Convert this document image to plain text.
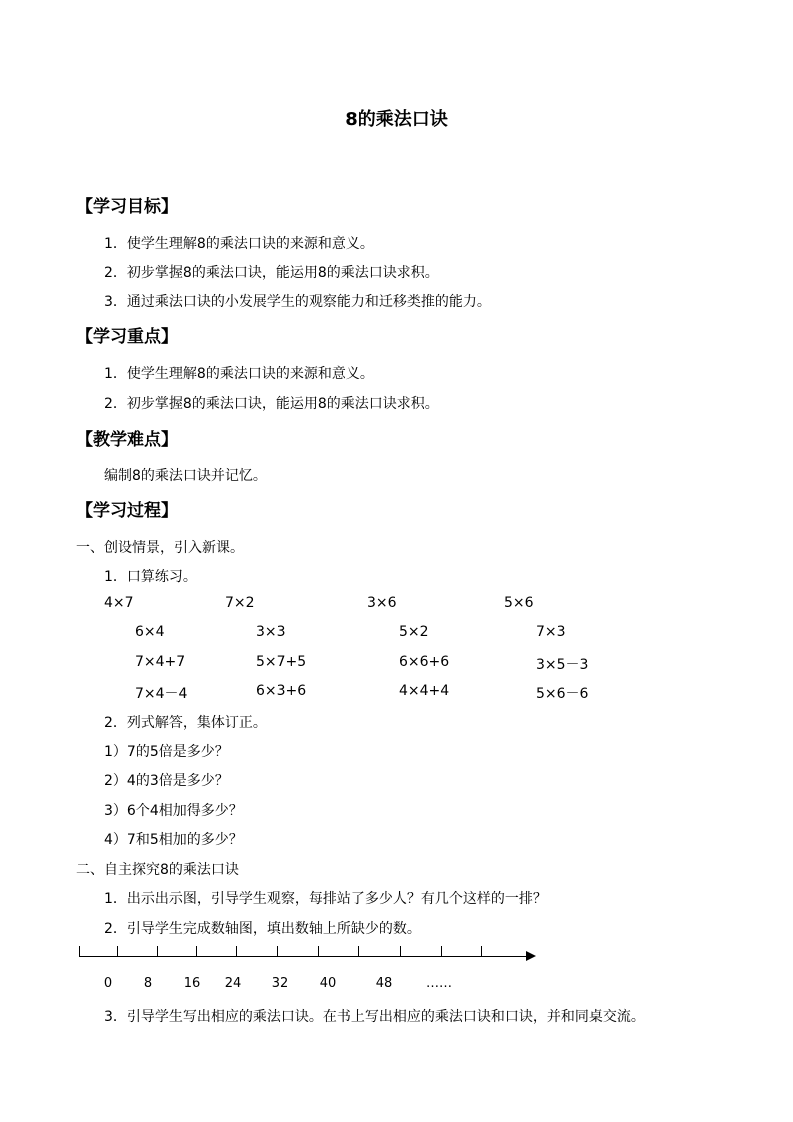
8的乘法口诀
【学习目标】
1．使学生理解8的乘法口诀的来源和意义。
2．初步掌握8的乘法口诀，能运用8的乘法口诀求积。
3．通过乘法口诀的小发展学生的观察能力和迁移类推的能力。
【学习重点】
1．使学生理解8的乘法口诀的来源和意义。
2．初步掌握8的乘法口诀，能运用8的乘法口诀求积。
【教学难点】
编制8的乘法口诀并记忆。
【学习过程】
一、创设情景，引入新课。
1．口算练习。
4×7	7×2	3×6	5×6
6×4	3×3	5×2	7×3
7×4+7	5×7+5	6×6+6	3×5－3
7×4－4	6×3+6	4×4+4	5×6－6
2．列式解答，集体订正。
1）7的5倍是多少？
2）4的3倍是多少？
3）6个4相加得多少？
4）7和5相加的多少？
二、自主探究8的乘法口诀
1．出示出示图，引导学生观察，每排站了多少人？有几个这样的一排？
2．引导学生完成数轴图，填出数轴上所缺少的数。
0 8 16 24 32 40	48	……
3．引导学生写出相应的乘法口诀。在书上写出相应的乘法口诀和口诀，并和同桌交流。
